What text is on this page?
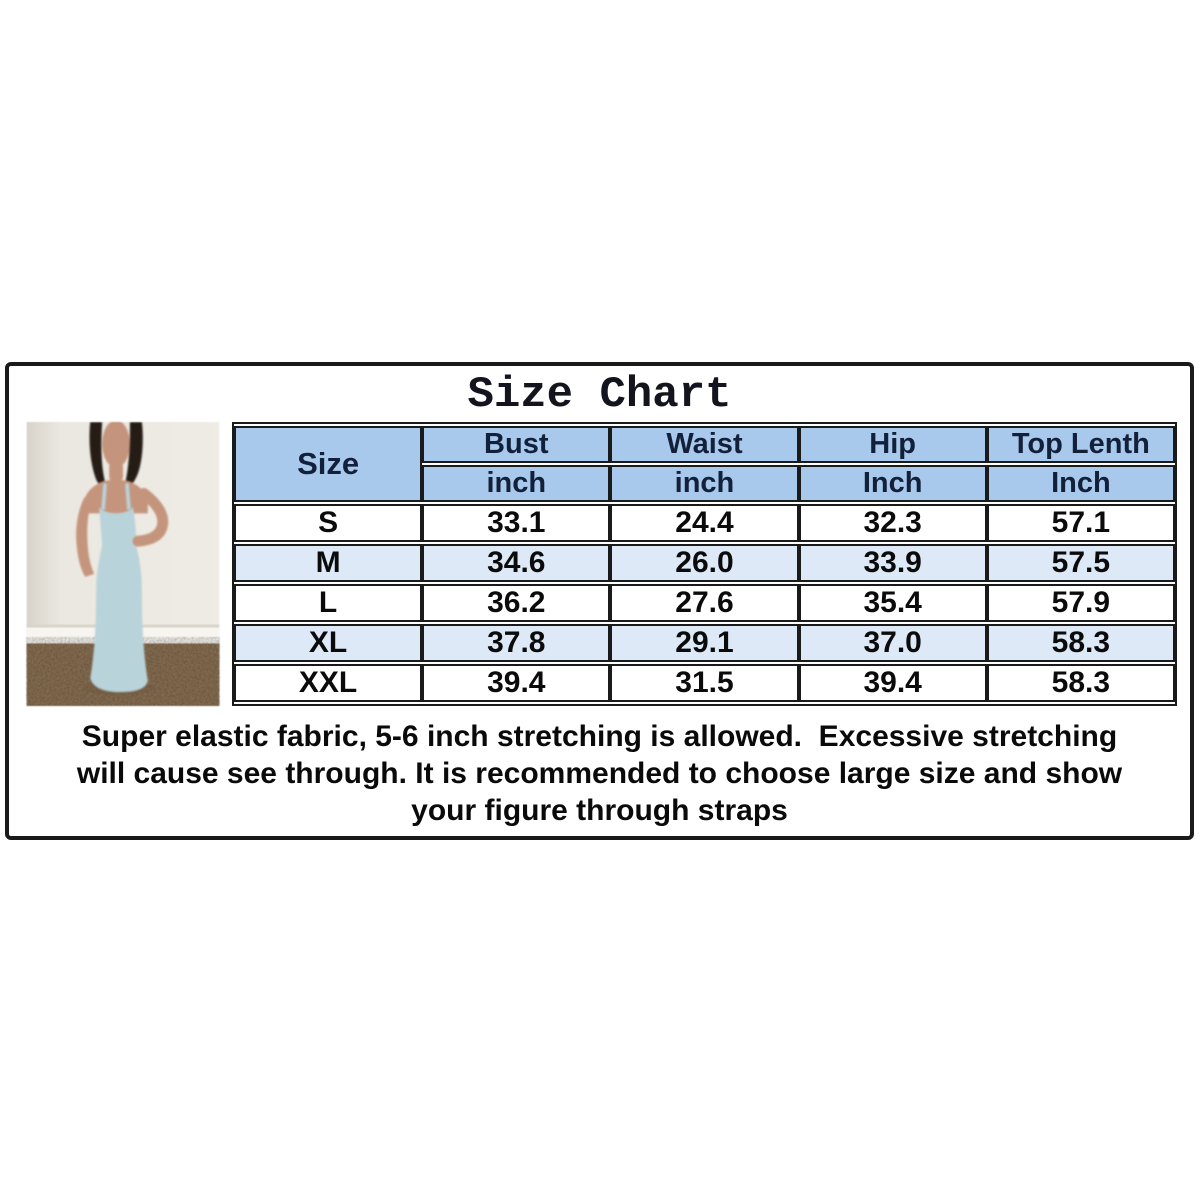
Size Chart
Size	Bust	Waist	Hip	Top Lenth
	inch	inch	Inch	Inch
S	33.1	24.4	32.3	57.1
M	34.6	26.0	33.9	57.5
L	36.2	27.6	35.4	57.9
XL	37.8	29.1	37.0	58.3
XXL	39.4	31.5	39.4	58.3
Super elastic fabric, 5-6 inch stretching is allowed.  Excessive stretching
will cause see through. It is recommended to choose large size and show
your figure through straps
